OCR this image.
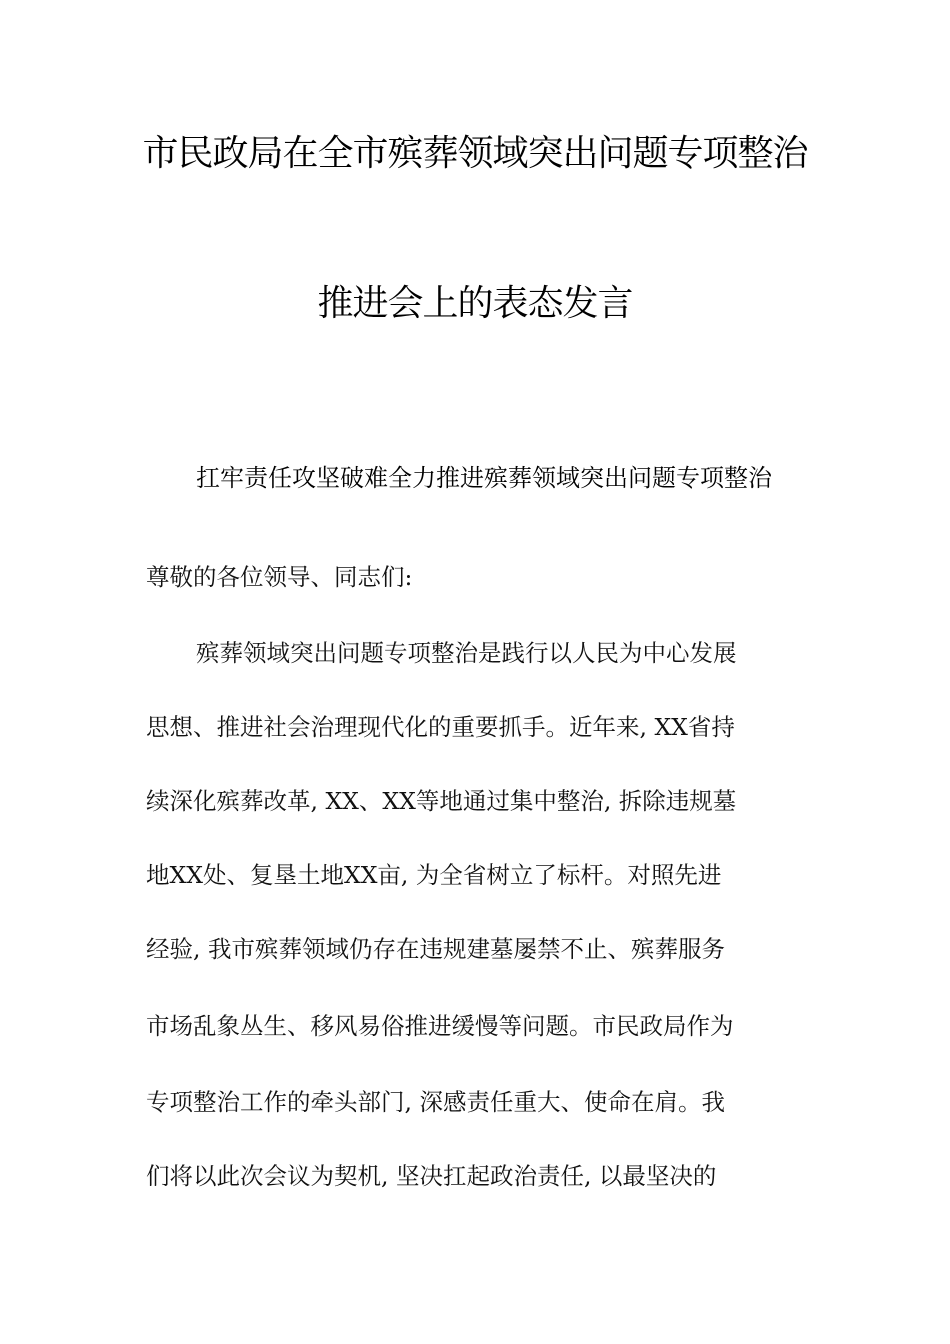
市民政局在全市殡葬领域突出问题专项整治
推进会上的表态发言
扛牢责任攻坚破难全力推进殡葬领域突出问题专项整治
尊敬的各位领导、同志们:
殡葬领域突出问题专项整治是践行以人民为中心发展
思想、推进社会治理现代化的重要抓手。近年来, XX省持
续深化殡葬改革, XX、XX等地通过集中整治, 拆除违规墓
地XX处、复垦土地XX亩, 为全省树立了标杆。对照先进
经验, 我市殡葬领域仍存在违规建墓屡禁不止、殡葬服务
市场乱象丛生、移风易俗推进缓慢等问题。市民政局作为
专项整治工作的牵头部门, 深感责任重大、使命在肩。我
们将以此次会议为契机, 坚决扛起政治责任, 以最坚决的
